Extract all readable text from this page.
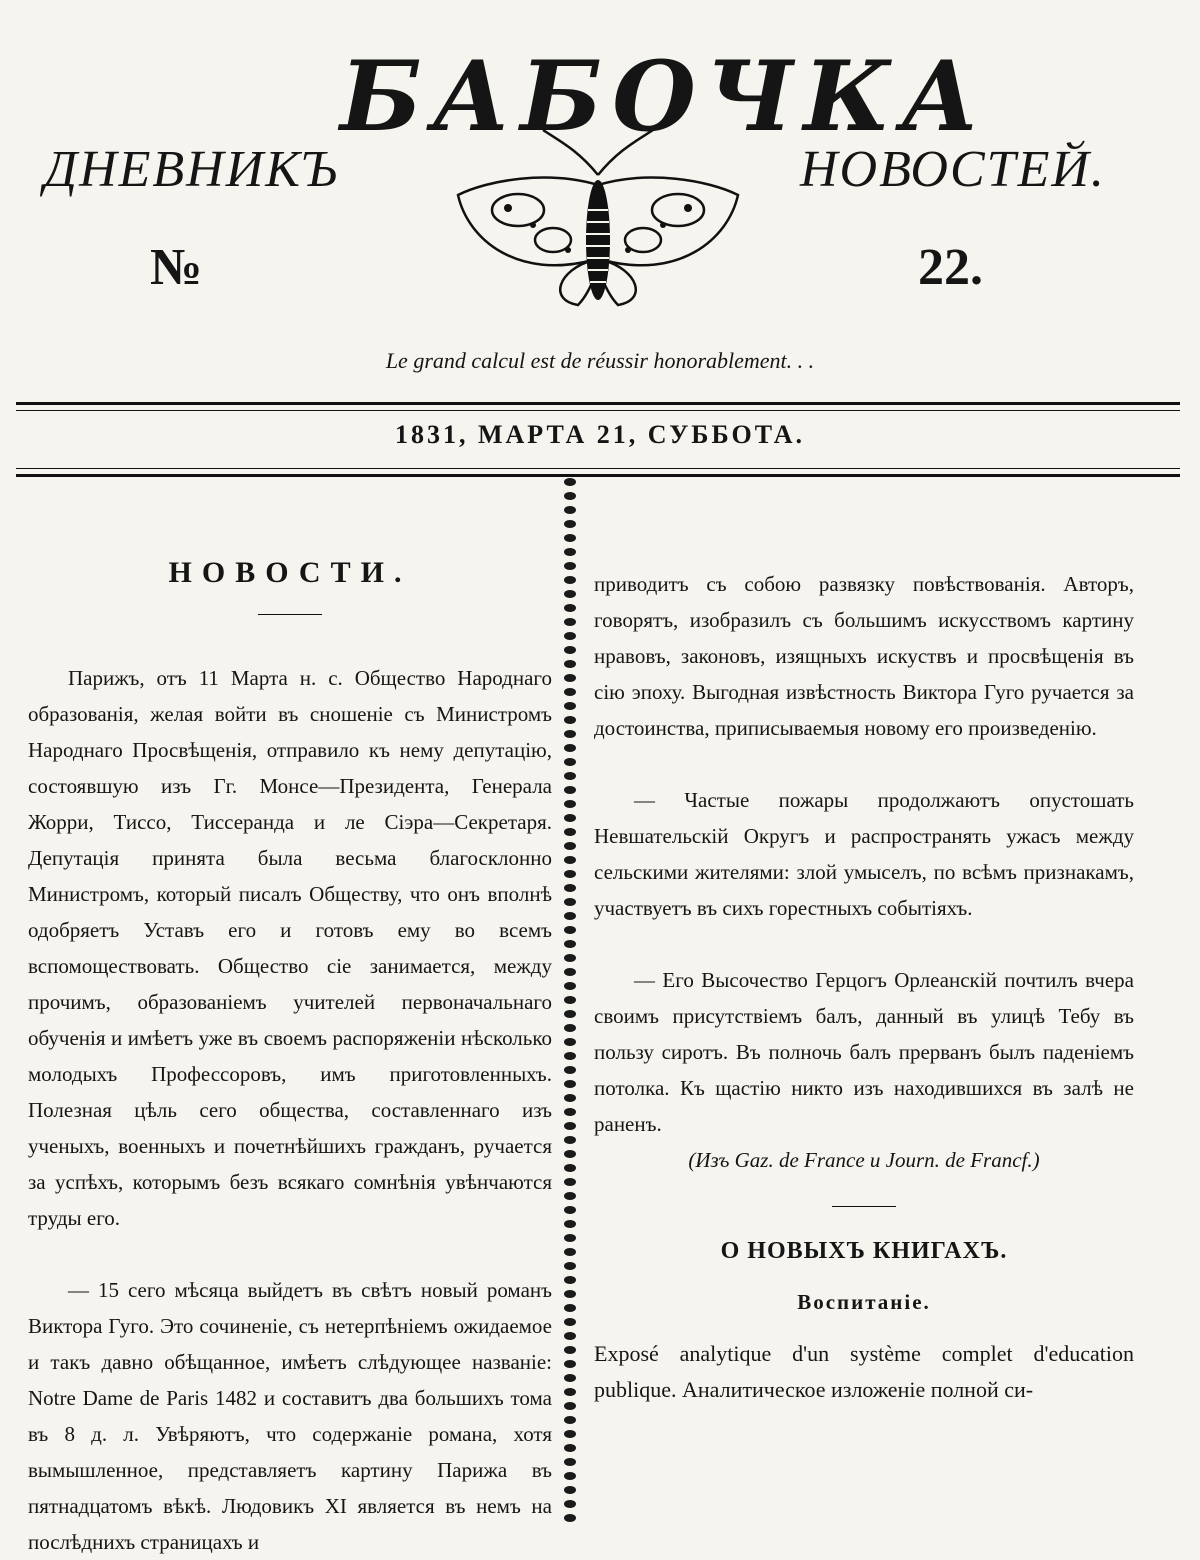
БАБОЧКА
ДНЕВНИКЪ	НОВОСТЕЙ.
№	22.
Le grand calcul est de réussir honorablement. . .
1831, МАРТА 21, СУББОТА.
НОВОСТИ.

Парижъ, отъ 11 Марта н. с. Общество Народнаго образованія, желая войти въ сношеніе съ Министромъ Народнаго Просвѣщенія, отправило къ нему депутацію, состоявшую изъ Гг. Монсе—Президента, Генерала Жорри, Тиссо, Тиссеранда и ле Сіэра—Секретаря. Депутація принята была весьма благосклонно Министромъ, который писалъ Обществу, что онъ вполнѣ одобряетъ Уставъ его и готовъ ему во всемъ вспомоществовать. Общество сіе занимается, между прочимъ, образованіемъ учителей первоначальнаго обученія и имѣетъ уже въ своемъ распоряженіи нѣсколько молодыхъ Профессоровъ, имъ приготовленныхъ. Полезная цѣль сего общества, составленнаго изъ ученыхъ, военныхъ и почетнѣйшихъ гражданъ, ручается за успѣхъ, которымъ безъ всякаго сомнѣнія увѣнчаются труды его.

— 15 сего мѣсяца выйдетъ въ свѣтъ новый романъ Виктора Гуго. Это сочиненіе, съ нетерпѣніемъ ожидаемое и такъ давно обѣщанное, имѣетъ слѣдующее названіе: Notre Dame de Paris 1482 и составитъ два большихъ тома въ 8 д. л. Увѣряютъ, что содержаніе романа, хотя вымышленное, представляетъ картину Парижа въ пятнадцатомъ вѣкѣ. Людовикъ XI является въ немъ на послѣднихъ страницахъ и

приводитъ съ собою развязку повѣствованія. Авторъ, говорятъ, изобразилъ съ большимъ искусствомъ картину нравовъ, законовъ, изящныхъ искуствъ и просвѣщенія въ сію эпоху. Выгодная извѣстность Виктора Гуго ручается за достоинства, приписываемыя новому его произведенію.

— Частые пожары продолжаютъ опустошать Невшательскій Округъ и распространять ужасъ между сельскими жителями: злой умыселъ, по всѣмъ признакамъ, участвуетъ въ сихъ горестныхъ событіяхъ.

— Его Высочество Герцогъ Орлеанскій почтилъ вчера своимъ присутствіемъ балъ, данный въ улицѣ Тебу въ пользу сиротъ. Въ полночь балъ прерванъ былъ паденіемъ потолка. Къ щастію никто изъ находившихся въ залѣ не раненъ.

(Изъ Gaz. de France и Journ. de Francf.)
О НОВЫХЪ КНИГАХЪ.
Воспитаніе.
Exposé analytique d'un système complet d'education publique. Аналитическое изложеніе полной си-
